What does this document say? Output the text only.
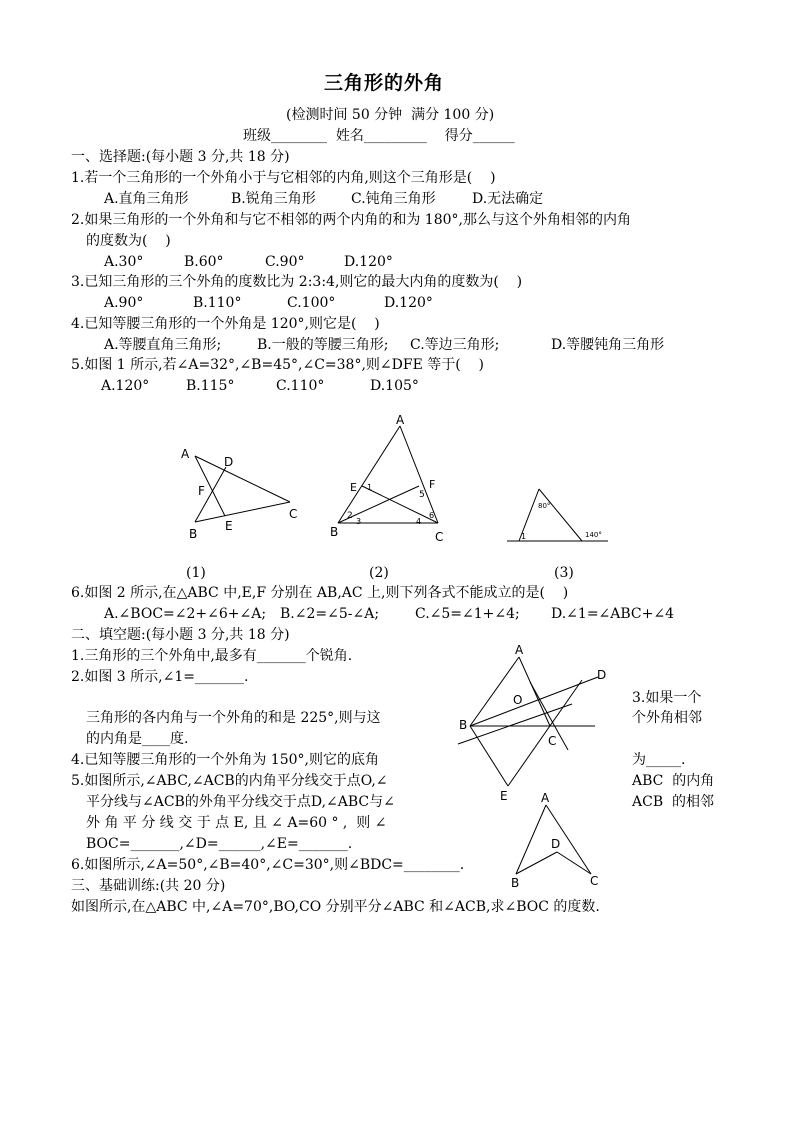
三角形的外角
(检测时间 50 分钟  满分 100 分)
班级________  姓名_________    得分______
一、选择题:(每小题 3 分,共 18 分)
1.若一个三角形的一个外角小于与它相邻的内角,则这个三角形是(    )
A.直角三角形	B.锐角三角形	C.钝角三角形	D.无法确定
2.如果三角形的一个外角和与它不相邻的两个内角的和为 180°,那么与这个外角相邻的内角
的度数为(    )
A.30°	B.60°	C.90°	D.120°
3.已知三角形的三个外角的度数比为 2:3:4,则它的最大内角的度数为(    )
A.90°	B.110°	C.100°	D.120°
4.已知等腰三角形的一个外角是 120°,则它是(    )
A.等腰直角三角形;	B.一般的等腰三角形; C.等边三角形;	D.等腰钝角三角形
5.如图 1 所示,若∠A=32°,∠B=45°,∠C=38°,则∠DFE 等于(    )
A.120°	B.115°	C.110°	D.105°
A
D
F
B
E
C
A
E	F
B	C
1
2
3	4
5
6
80°
140°
1
(1)	(2)	(3)
6.如图 2 所示,在△ABC 中,E,F 分别在 AB,AC 上,则下列各式不能成立的是(    )
A.∠BOC=∠2+∠6+∠A; B.∠2=∠5-∠A;	C.∠5=∠1+∠4; D.∠1=∠ABC+∠4
二、填空题:(每小题 3 分,共 18 分)
1.三角形的三个外角中,最多有_______个锐角.
2.如图 3 所示,∠1=_______.
3.如果一个
个外角相邻
三角形的各内角与一个外角的和是 225°,则与这
的内角是____度.
4.已知等腰三角形的一个外角为 150°,则它的底角	为_____.
5.如图所示,∠ABC,∠ACB的内角平分线交于点O,∠	ABC  的内角
平分线与∠ACB的外角平分线交于点D,∠ABC与∠	ACB  的相邻
外 角 平 分 线 交 于 点 E, 且 ∠ A=60 ° ,  则 ∠
BOC=_______,∠D=______,∠E=_______.
A
D
O
B
C
E	A
D
B	C
6.如图所示,∠A=50°,∠B=40°,∠C=30°,则∠BDC=________.
三、基础训练:(共 20 分)
如图所示,在△ABC 中,∠A=70°,BO,CO 分别平分∠ABC 和∠ACB,求∠BOC 的度数.
